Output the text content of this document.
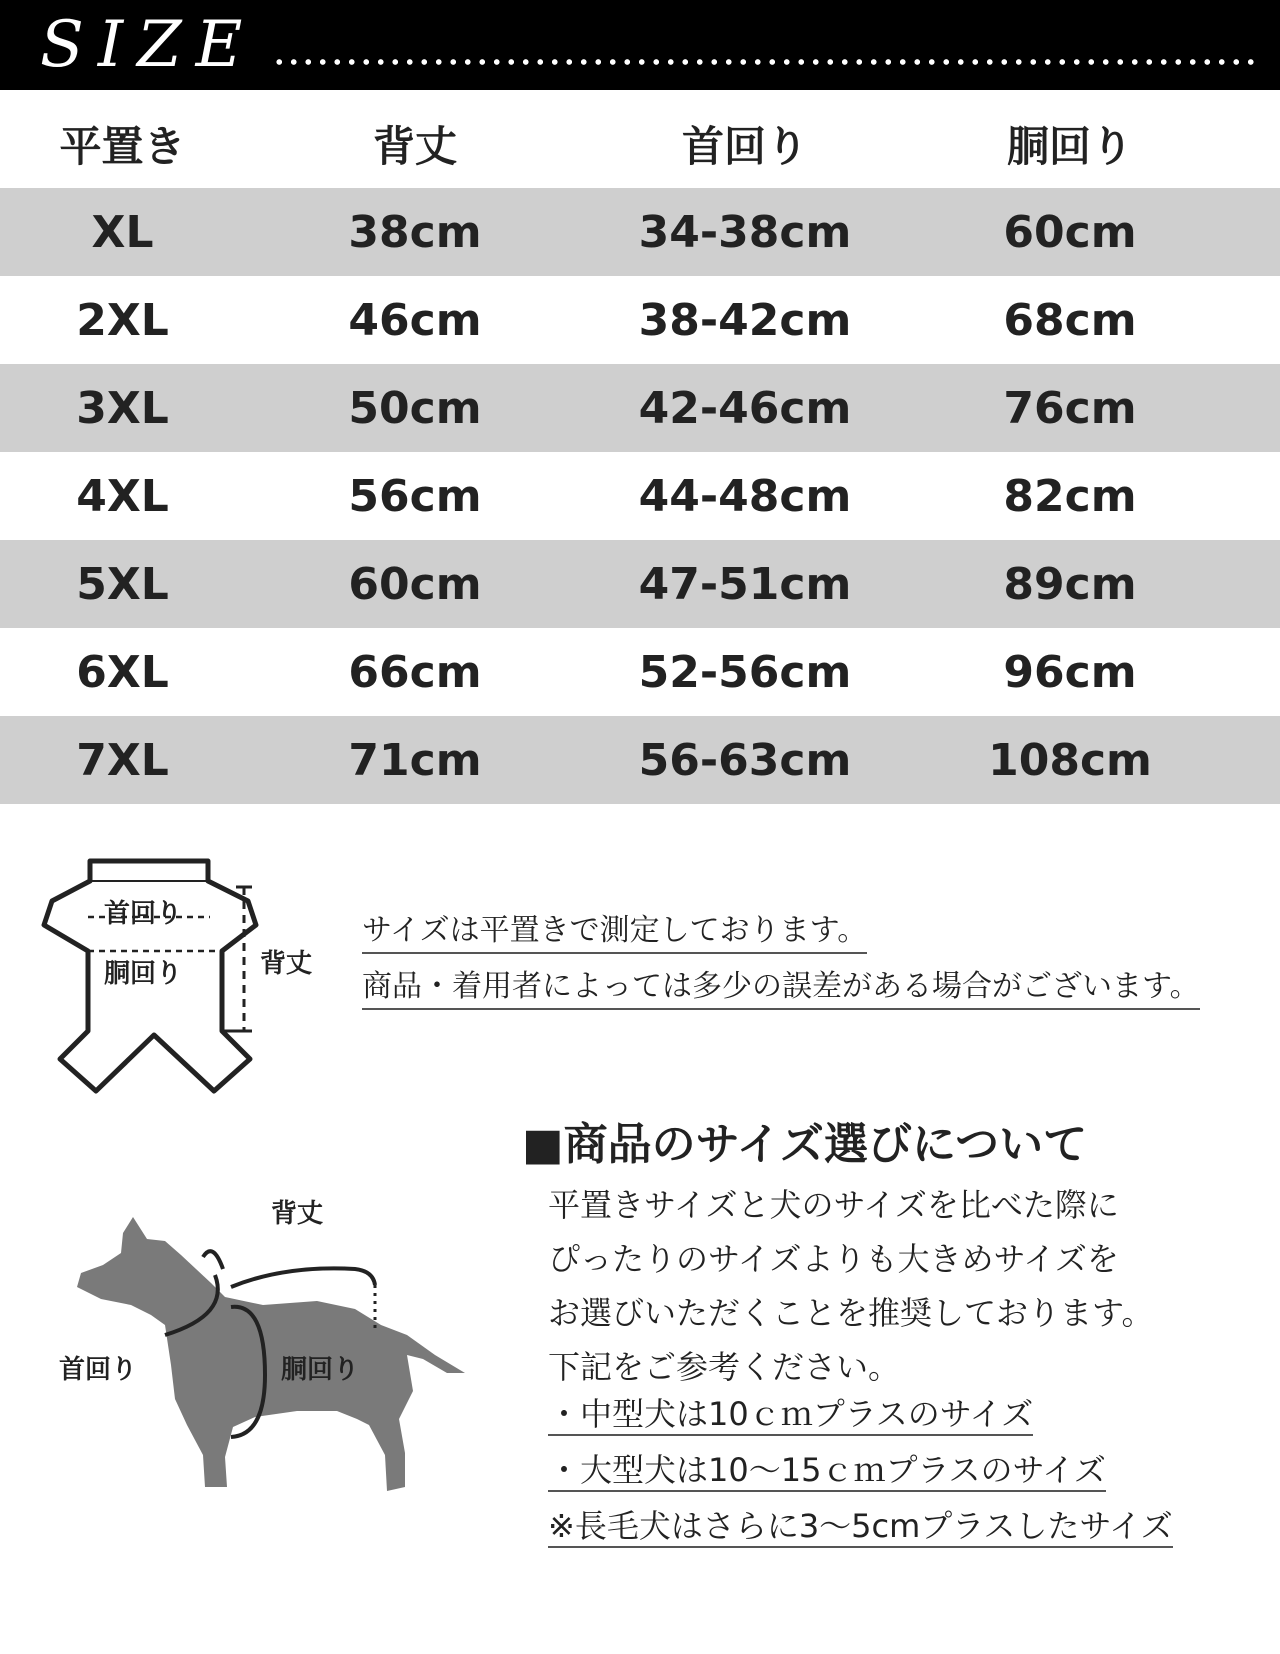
SIZE
平置き	背丈	首回り	胴回り
XL	38cm	34-38cm	60cm
2XL	46cm	38-42cm	68cm
3XL	50cm	42-46cm	76cm
4XL	56cm	44-48cm	82cm
5XL	60cm	47-51cm	89cm
6XL	66cm	52-56cm	96cm
7XL	71cm	56-63cm	108cm
首回り
胴回り	背丈
サイズは平置きで測定しております。
商品・着用者によっては多少の誤差がある場合がございます。
背丈
首回り	胴回り
■商品のサイズ選びについて
平置きサイズと犬のサイズを比べた際に
ぴったりのサイズよりも大きめサイズを
お選びいただくことを推奨しております。
下記をご参考ください。
・中型犬は10ｃｍプラスのサイズ
・大型犬は10～15ｃｍプラスのサイズ
※長毛犬はさらに3～5cmプラスしたサイズ
